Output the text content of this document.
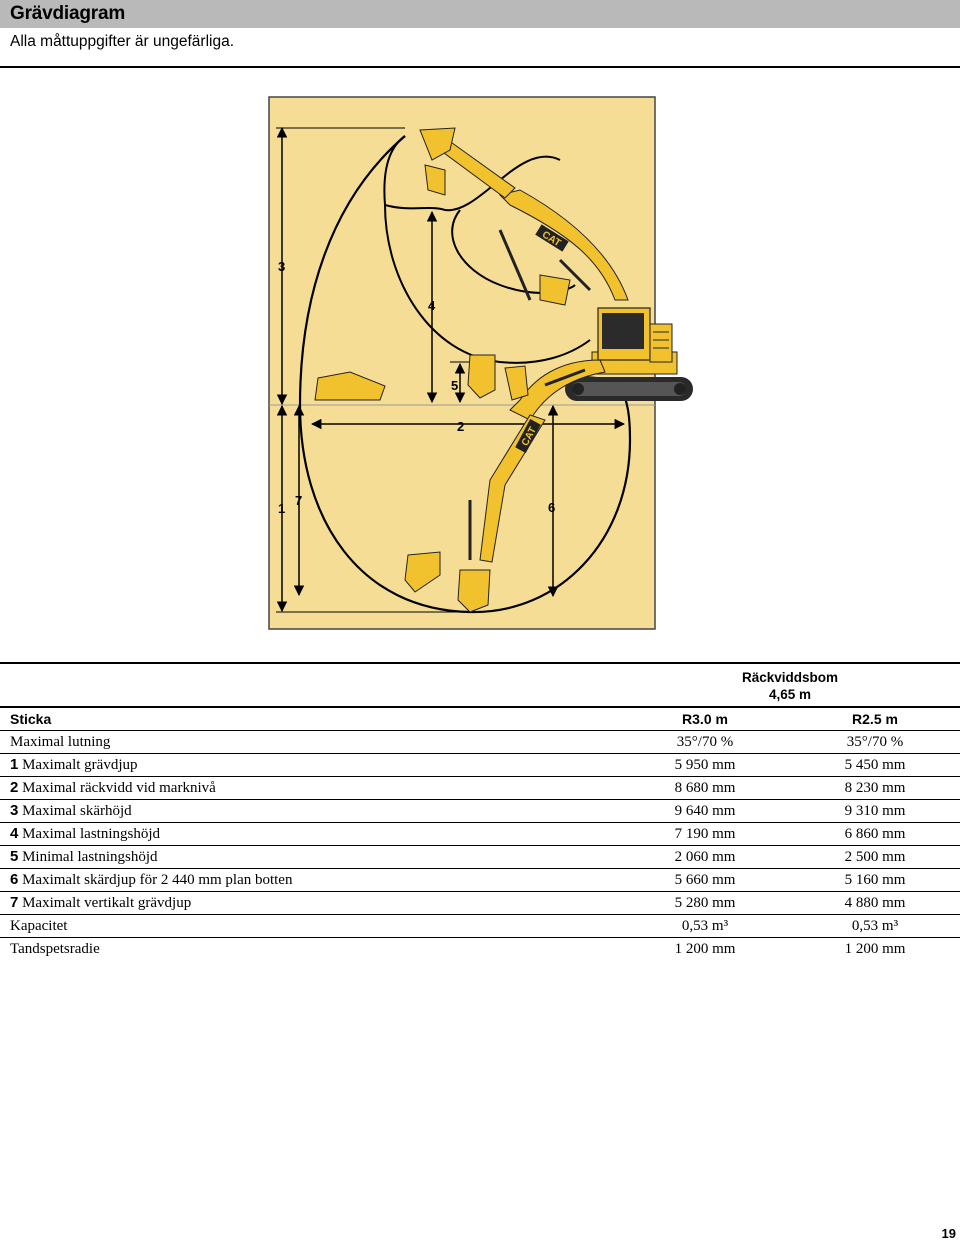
Grävdiagram
Alla måttuppgifter är ungefärliga.
3
1
7
4
5
2
6
CAT
CAT
Räckviddsbom
4,65 m
Sticka	R3.0 m	R2.5 m
Maximal lutning	35°/70 %	35°/70 %
1 Maximalt grävdjup	5 950 mm	5 450 mm
2 Maximal räckvidd vid marknivå	8 680 mm	8 230 mm
3 Maximal skärhöjd	9 640 mm	9 310 mm
4 Maximal lastningshöjd	7 190 mm	6 860 mm
5 Minimal lastningshöjd	2 060 mm	2 500 mm
6 Maximalt skärdjup för 2 440 mm plan botten	5 660 mm	5 160 mm
7 Maximalt vertikalt grävdjup	5 280 mm	4 880 mm
Kapacitet	0,53 m³	0,53 m³
Tandspetsradie	1 200 mm	1 200 mm
19
